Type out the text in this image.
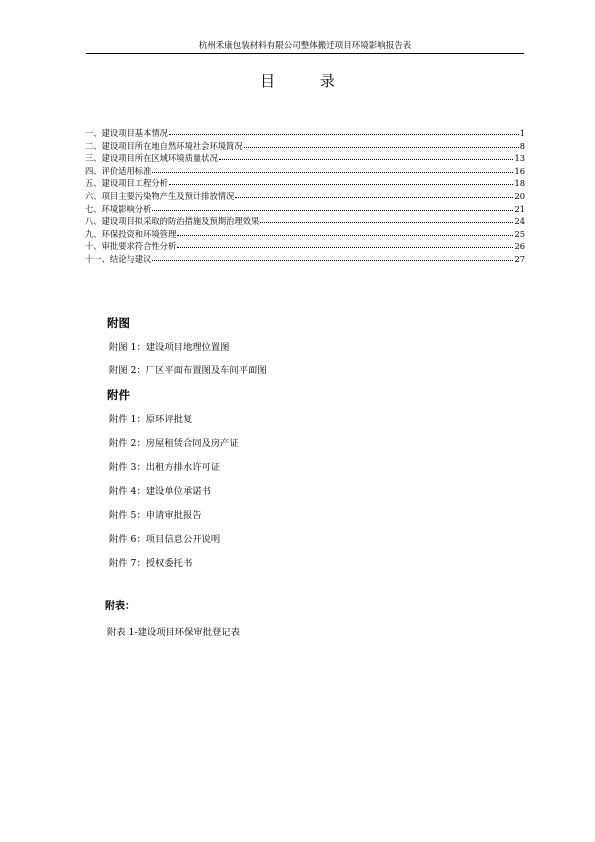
杭州禾康包装材料有限公司整体搬迁项目环境影响报告表
目 录
一、建设项目基本情况	1
二、建设项目所在地自然环境社会环境简况	8
三、建设项目所在区域环境质量状况	13
四、评价适用标准	16
五、建设项目工程分析	18
六、项目主要污染物产生及预计排放情况	20
七、环境影响分析	21
八、建设项目拟采取的防治措施及预期治理效果	24
九、环保投资和环境管理	25
十、审批要求符合性分析	26
十一、结论与建议	27
附图
附图 1：建设项目地理位置图
附图 2：厂区平面布置图及车间平面图
附件
附件 1：原环评批复
附件 2：房屋租赁合同及房产证
附件 3：出租方排水许可证
附件 4：建设单位承诺书
附件 5：申请审批报告
附件 6：项目信息公开说明
附件 7：授权委托书
附表：
附表 1-建设项目环保审批登记表
